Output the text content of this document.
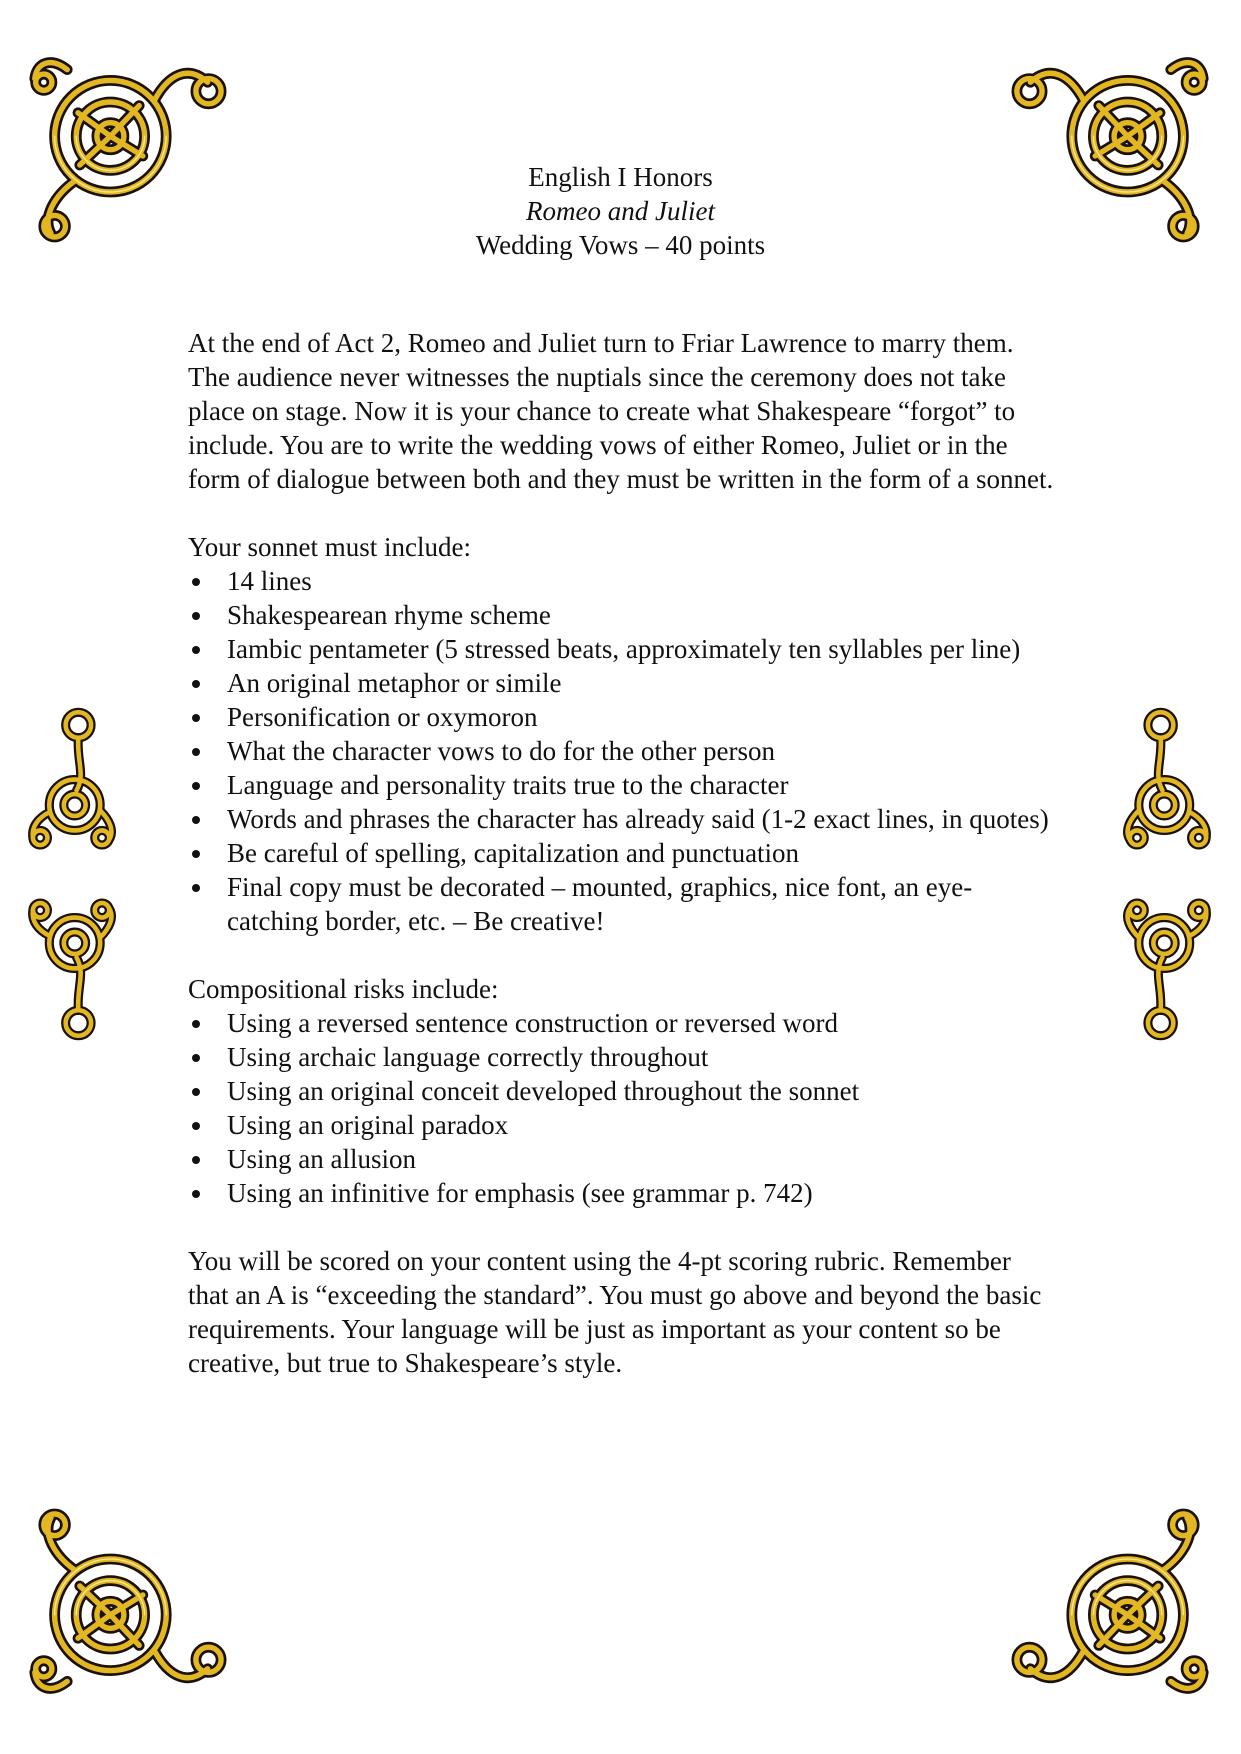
English I Honors
Romeo and Juliet
Wedding Vows – 40 points

At the end of Act 2, Romeo and Juliet turn to Friar Lawrence to marry them. The audience never witnesses the nuptials since the ceremony does not take place on stage. Now it is your chance to create what Shakespeare “forgot” to include. You are to write the wedding vows of either Romeo, Juliet or in the form of dialogue between both and they must be written in the form of a sonnet.

Your sonnet must include:

14 lines
Shakespearean rhyme scheme
Iambic pentameter (5 stressed beats, approximately ten syllables per line)
An original metaphor or simile
Personification or oxymoron
What the character vows to do for the other person
Language and personality traits true to the character
Words and phrases the character has already said (1-2 exact lines, in quotes)
Be careful of spelling, capitalization and punctuation
Final copy must be decorated – mounted, graphics, nice font, an eye-catching border, etc. – Be creative!

Compositional risks include:

Using a reversed sentence construction or reversed word
Using archaic language correctly throughout
Using an original conceit developed throughout the sonnet
Using an original paradox
Using an allusion
Using an infinitive for emphasis (see grammar p. 742)

You will be scored on your content using the 4-pt scoring rubric. Remember that an A is “exceeding the standard”. You must go above and beyond the basic requirements. Your language will be just as important as your content so be creative, but true to Shakespeare’s style.
